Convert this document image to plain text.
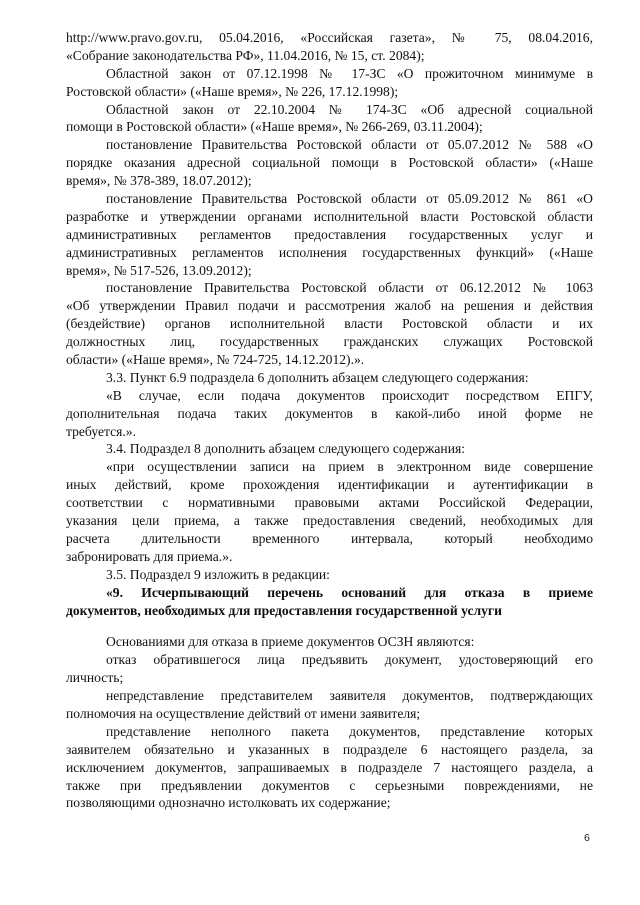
http://www.pravo.gov.ru, 05.04.2016, «Российская газета», № 75, 08.04.2016,
«Собрание законодательства РФ», 11.04.2016, № 15, ст. 2084);
Областной закон от 07.12.1998 № 17-ЗС «О прожиточном минимуме в
Ростовской области» («Наше время», № 226, 17.12.1998);
Областной закон от 22.10.2004 № 174-ЗС «Об адресной социальной
помощи в Ростовской области» («Наше время», № 266-269, 03.11.2004);
постановление Правительства Ростовской области от 05.07.2012 № 588 «О
порядке оказания адресной социальной помощи в Ростовской области» («Наше
время», № 378-389, 18.07.2012);
постановление Правительства Ростовской области от 05.09.2012 № 861 «О
разработке и утверждении органами исполнительной власти Ростовской области
административных регламентов предоставления государственных услуг и
административных регламентов исполнения государственных функций» («Наше
время», № 517-526, 13.09.2012);
постановление Правительства Ростовской области от 06.12.2012 № 1063
«Об утверждении Правил подачи и рассмотрения жалоб на решения и действия
(бездействие) органов исполнительной власти Ростовской области и их
должностных лиц, государственных гражданских служащих Ростовской
области» («Наше время», № 724-725, 14.12.2012).».
3.3. Пункт 6.9 подраздела 6 дополнить абзацем следующего содержания:
«В случае, если подача документов происходит посредством ЕПГУ,
дополнительная подача таких документов в какой-либо иной форме не
требуется.».
3.4. Подраздел 8 дополнить абзацем следующего содержания:
«при осуществлении записи на прием в электронном виде совершение
иных действий, кроме прохождения идентификации и аутентификации в
соответствии с нормативными правовыми актами Российской Федерации,
указания цели приема, а также предоставления сведений, необходимых для
расчета длительности временного интервала, который необходимо
забронировать для приема.».
3.5. Подраздел 9 изложить в редакции:
«9. Исчерпывающий перечень оснований для отказа в приеме
документов, необходимых для предоставления государственной услуги
Основаниями для отказа в приеме документов ОСЗН являются:
отказ обратившегося лица предъявить документ, удостоверяющий его
личность;
непредставление представителем заявителя документов, подтверждающих
полномочия на осуществление действий от имени заявителя;
представление неполного пакета документов, представление которых
заявителем обязательно и указанных в подразделе 6 настоящего раздела, за
исключением документов, запрашиваемых в подразделе 7 настоящего раздела, а
также при предъявлении документов с серьезными повреждениями, не
позволяющими однозначно истолковать их содержание;
6
